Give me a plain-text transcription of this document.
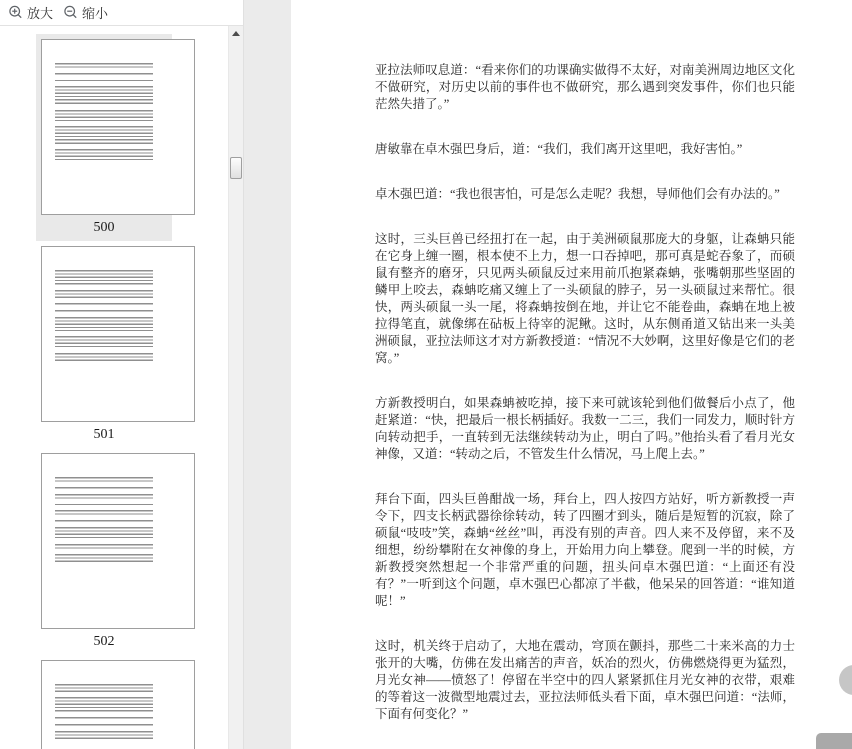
放大 缩小
500
501
502

亚拉法师叹息道：“看来你们的功课确实做得不太好，对南美洲周边地区文化不做研究，对历史以前的事件也不做研究，那么遇到突发事件，你们也只能茫然失措了。”

唐敏靠在卓木强巴身后，道：“我们，我们离开这里吧，我好害怕。”

卓木强巴道：“我也很害怕，可是怎么走呢？我想，导师他们会有办法的。”

这时，三头巨兽已经扭打在一起，由于美洲硕鼠那庞大的身躯，让森蚺只能在它身上缠一圈，根本使不上力，想一口吞掉吧，那可真是蛇吞象了，而硕鼠有整齐的磨牙，只见两头硕鼠反过来用前爪抱紧森蚺，张嘴朝那些坚固的鳞甲上咬去，森蚺吃痛又缠上了一头硕鼠的脖子，另一头硕鼠过来帮忙。很快，两头硕鼠一头一尾，将森蚺按倒在地，并让它不能卷曲，森蚺在地上被拉得笔直，就像绑在砧板上待宰的泥鳅。这时，从东侧甬道又钻出来一头美洲硕鼠，亚拉法师这才对方新教授道：“情况不大妙啊，这里好像是它们的老窝。”

方新教授明白，如果森蚺被吃掉，接下来可就该轮到他们做餐后小点了，他赶紧道：“快，把最后一根长柄插好。我数一二三，我们一同发力，顺时针方向转动把手，一直转到无法继续转动为止，明白了吗。”他抬头看了看月光女神像，又道：“转动之后，不管发生什么情况，马上爬上去。”

拜台下面，四头巨兽酣战一场，拜台上，四人按四方站好，听方新教授一声令下，四支长柄武器徐徐转动，转了四圈才到头，随后是短暂的沉寂，除了硕鼠“吱吱”笑，森蚺“丝丝”叫，再没有别的声音。四人来不及停留，来不及细想，纷纷攀附在女神像的身上，开始用力向上攀登。爬到一半的时候，方新教授突然想起一个非常严重的问题，扭头问卓木强巴道：“上面还有没有？”一听到这个问题，卓木强巴心都凉了半截，他呆呆的回答道：“谁知道呢！”

这时，机关终于启动了，大地在震动，穹顶在颤抖，那些二十来米高的力士张开的大嘴，仿佛在发出痛苦的声音，妖冶的烈火，仿佛燃烧得更为猛烈，月光女神——愤怒了！停留在半空中的四人紧紧抓住月光女神的衣带，艰难的等着这一波微型地震过去，亚拉法师低头看下面，卓木强巴问道：“法师，下面有何变化？”
